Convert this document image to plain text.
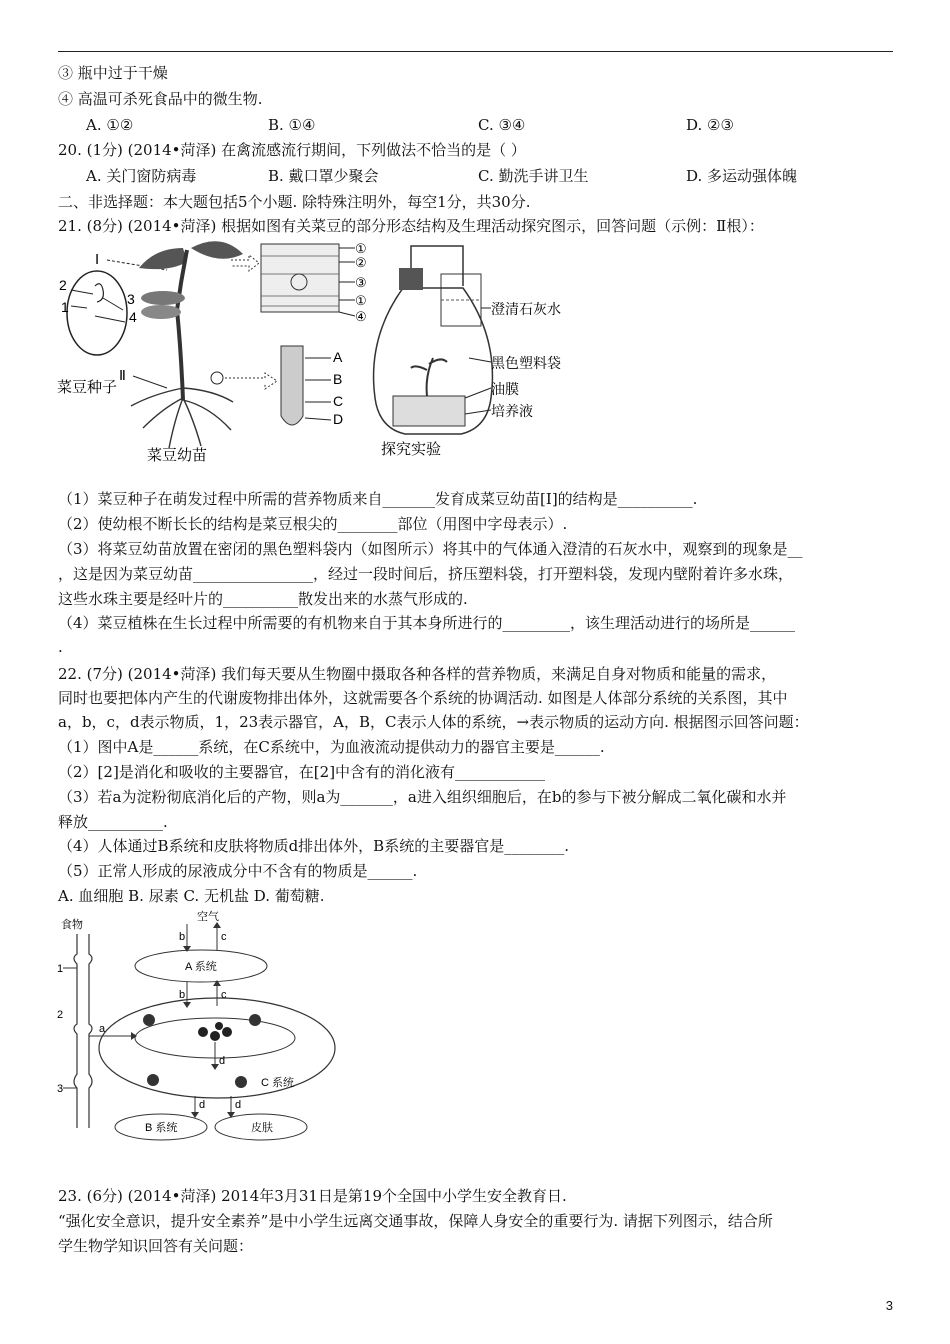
③ 瓶中过于干燥
④ 高温可杀死食品中的微生物.
A. ①②	B. ①④	C. ③④	D. ②③
20. (1分) (2014•菏泽) 在禽流感流行期间，下列做法不恰当的是（ ）
A. 关门窗防病毒	B. 戴口罩少聚会	C. 勤洗手讲卫生	D. 多运动强体魄
二、非选择题：本大题包括5个小题. 除特殊注明外，每空1分，共30分.
21. (8分) (2014•菏泽) 根据如图有关菜豆的部分形态结构及生理活动探究图示，回答问题（示例：Ⅱ根）：
2
1	3
4
菜豆种子
Ⅰ
Ⅱ
菜豆幼苗
①
②
③
①
④
A
B
C
D
澄清石灰水
黑色塑料袋
油膜
培养液
探究实验
（1）菜豆种子在萌发过程中所需的营养物质来自_______发育成菜豆幼苗[Ⅰ]的结构是__________.
（2）使幼根不断长长的结构是菜豆根尖的________部位（用图中字母表示）.
（3）将菜豆幼苗放置在密闭的黑色塑料袋内（如图所示）将其中的气体通入澄清的石灰水中，观察到的现象是__
，这是因为菜豆幼苗________________，经过一段时间后，挤压塑料袋，打开塑料袋，发现内壁附着许多水珠，
这些水珠主要是经叶片的__________散发出来的水蒸气形成的.
（4）菜豆植株在生长过程中所需要的有机物来自于其本身所进行的_________，该生理活动进行的场所是______
.
22. (7分) (2014•菏泽) 我们每天要从生物圈中摄取各种各样的营养物质，来满足自身对物质和能量的需求，
同时也要把体内产生的代谢废物排出体外，这就需要各个系统的协调活动. 如图是人体部分系统的关系图，其中
a，b，c，d表示物质，1，23表示器官，A，B，C表示人体的系统，→表示物质的运动方向. 根据图示回答问题：
（1）图中A是______系统，在C系统中，为血液流动提供动力的器官主要是______.
（2）[2]是消化和吸收的主要器官，在[2]中含有的消化液有____________
（3）若a为淀粉彻底消化后的产物，则a为_______，a进入组织细胞后，在b的参与下被分解成二氧化碳和水并
释放__________.
（4）人体通过B系统和皮肤将物质d排出体外，B系统的主要器官是________.
（5）正常人形成的尿液成分中不含有的物质是______.
A. 血细胞 B. 尿素 C. 无机盐 D. 葡萄糖.
食物
1
2
3
空气
b	c
A 系统
b	c
a
d
C 系统
d	d
B 系统	皮肤
23. (6分) (2014•菏泽) 2014年3月31日是第19个全国中小学生安全教育日.
“强化安全意识，提升安全素养”是中小学生远离交通事故，保障人身安全的重要行为. 请据下列图示，结合所
学生物学知识回答有关问题：
3
